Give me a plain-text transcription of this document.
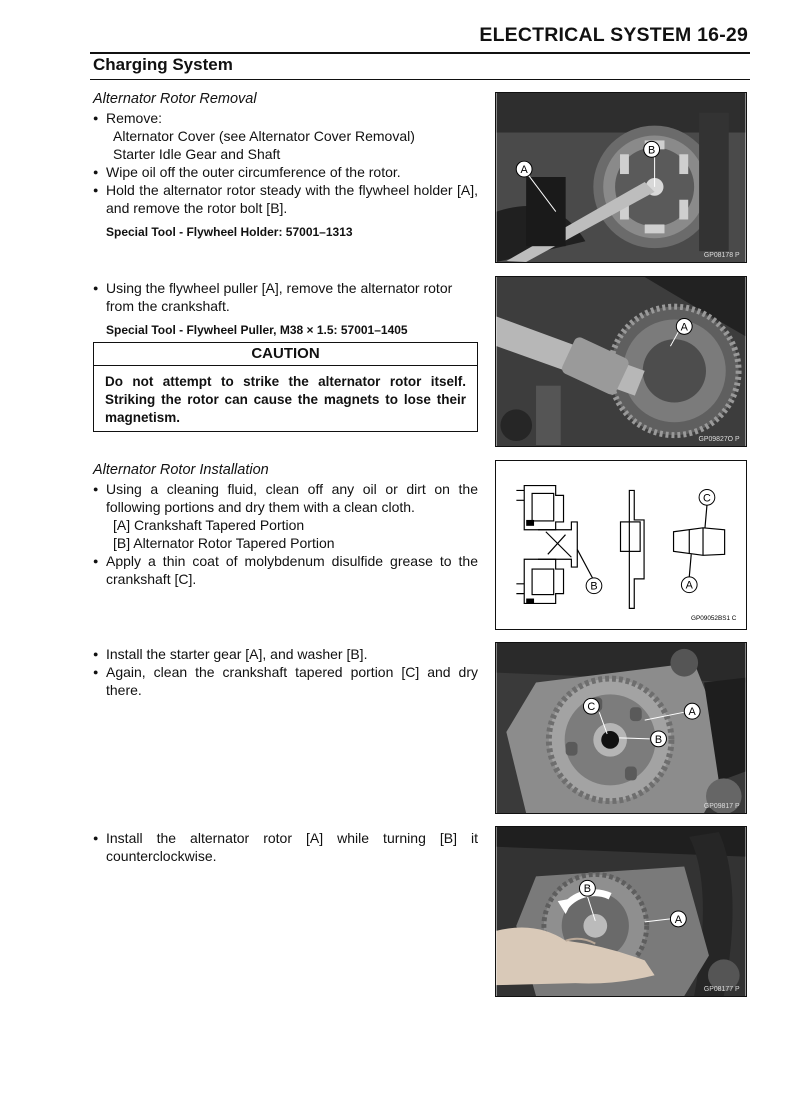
ELECTRICAL SYSTEM 16-29
Charging System
Alternator Rotor Removal

● Remove:

Alternator Cover (see Alternator Cover Removal)

Starter Idle Gear and Shaft

● Wipe oil off the outer circumference of the rotor.

● Hold the alternator rotor steady with the flywheel holder [A], and remove the rotor bolt [B].

Special Tool - Flywheel Holder: 57001–1313

● Using the flywheel puller [A], remove the alternator rotor from the crankshaft.

Special Tool - Flywheel Puller, M38 × 1.5: 57001–1405
CAUTION
Do not attempt to strike the alternator rotor itself. Striking the rotor can cause the magnets to lose their magnetism.
Alternator Rotor Installation

● Using a cleaning fluid, clean off any oil or dirt on the following portions and dry them with a clean cloth.

[A] Crankshaft Tapered Portion

[B] Alternator Rotor Tapered Portion

● Apply a thin coat of molybdenum disulfide grease to the crankshaft [C].

● Install the starter gear [A], and washer [B].

● Again, clean the crankshaft tapered portion [C] and dry there.

● Install the alternator rotor [A] while turning [B] it counterclockwise.

A
B
GP08178 P
A
GP09827O P
C
B	A
GP09052BS1 C
C	A
B
GP09817 P
B
A
GP08177 P
